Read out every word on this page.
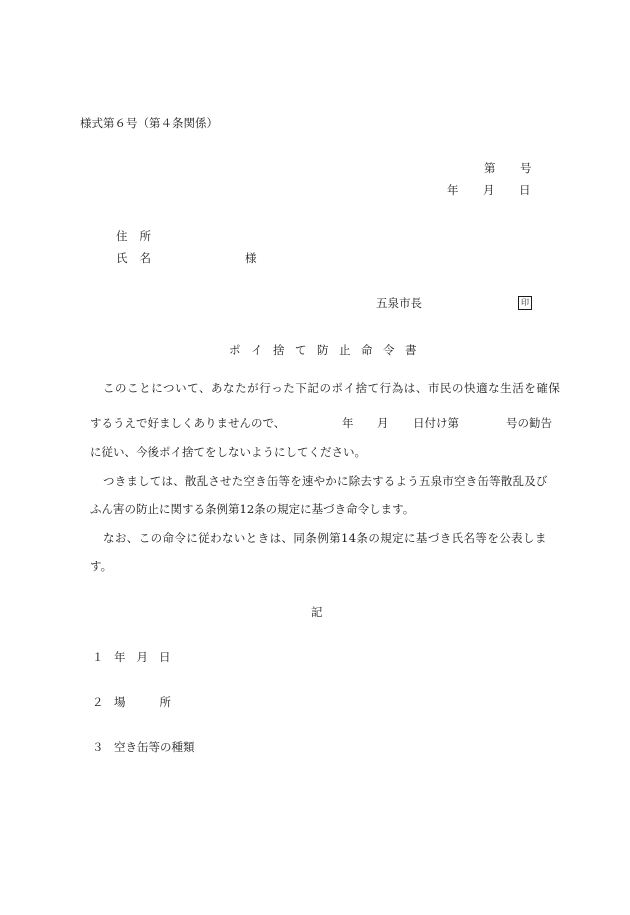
様式第６号（第４条関係）
第 号
年 月 日
住所
氏名	様
五泉市長	印
ポイ捨て防止命令書
このことについて、あなたが行った下記のポイ捨て行為は、市民の快適な生活を確保
するうえで好ましくありませんので、	年 月 日付け第	号の勧告
に従い、今後ポイ捨てをしないようにしてください。
つきましては、散乱させた空き缶等を速やかに除去するよう五泉市空き缶等散乱及び
ふん害の防止に関する条例第12条の規定に基づき命令します。
なお、この命令に従わないときは、同条例第14条の規定に基づき氏名等を公表しま
す。
記
１ 年月日
２ 場所
３ 空き缶等の種類
